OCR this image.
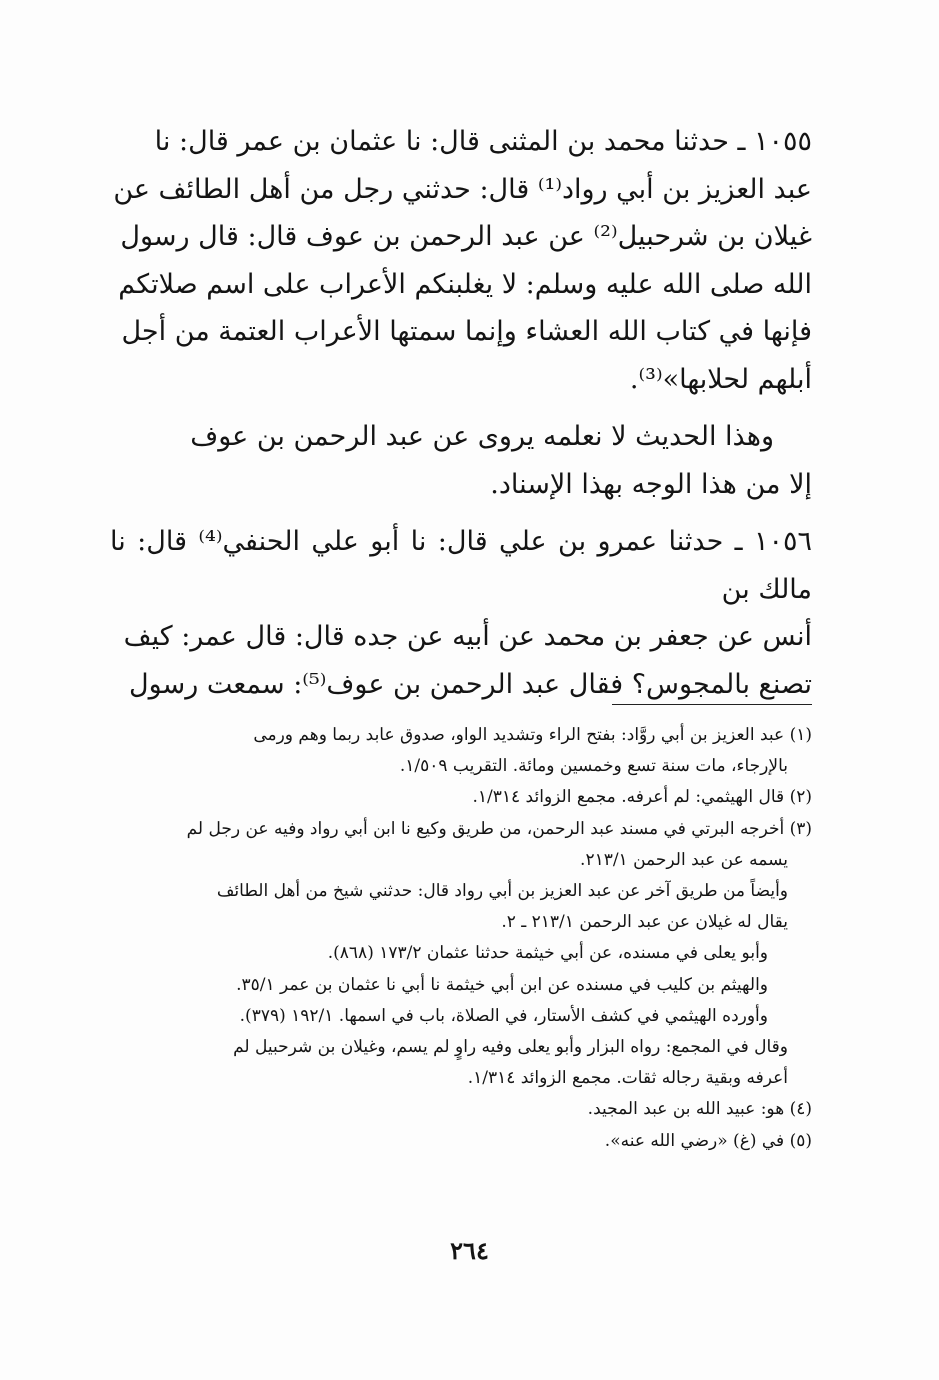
١٠٥٥ ـ حدثنا محمد بن المثنى قال: نا عثمان بن عمر قال: نا

عبد العزيز بن أبي رواد⁽¹⁾ قال: حدثني رجل من أهل الطائف عن

غيلان بن شرحبيل⁽²⁾ عن عبد الرحمن بن عوف قال: قال رسول

الله صلى الله عليه وسلم: لا يغلبنكم الأعراب على اسم صلاتكم

فإنها في كتاب الله العشاء وإنما سمتها الأعراب العتمة من أجل

أبلهم لحلابها»⁽³⁾.

وهذا الحديث لا نعلمه يروى عن عبد الرحمن بن عوف

إلا من هذا الوجه بهذا الإسناد.

١٠٥٦ ـ حدثنا عمرو بن علي قال: نا أبو علي الحنفي⁽⁴⁾ قال: نا مالك بن

أنس عن جعفر بن محمد عن أبيه عن جده قال: قال عمر: كيف

تصنع بالمجوس؟ فقال عبد الرحمن بن عوف⁽⁵⁾: سمعت رسول

(١) عبد العزيز بن أبي روَّاد: بفتح الراء وتشديد الواو، صدوق عابد ربما وهم ورمى

بالإرجاء، مات سنة تسع وخمسين ومائة. التقريب ١/٥٠٩.

(٢) قال الهيثمي: لم أعرفه. مجمع الزوائد ١/٣١٤.

(٣) أخرجه البرتي في مسند عبد الرحمن، من طريق وكيع نا ابن أبي رواد وفيه عن رجل لم

يسمه عن عبد الرحمن ٢١٣/١.

وأيضاً من طريق آخر عن عبد العزيز بن أبي رواد قال: حدثني شيخ من أهل الطائف

يقال له غيلان عن عبد الرحمن ٢١٣/١ ـ ٢.

وأبو يعلى في مسنده، عن أبي خيثمة حدثنا عثمان ١٧٣/٢ (٨٦٨).

والهيثم بن كليب في مسنده عن ابن أبي خيثمة نا أبي نا عثمان بن عمر ٣٥/١.

وأورده الهيثمي في كشف الأستار، في الصلاة، باب في اسمها. ١٩٢/١ (٣٧٩).

وقال في المجمع: رواه البزار وأبو يعلى وفيه راوٍ لم يسم، وغيلان بن شرحبيل لم

أعرفه وبقية رجاله ثقات. مجمع الزوائد ١/٣١٤.

(٤) هو: عبيد الله بن عبد المجيد.

(٥) في (غ) «رضي الله عنه».

٢٦٤
